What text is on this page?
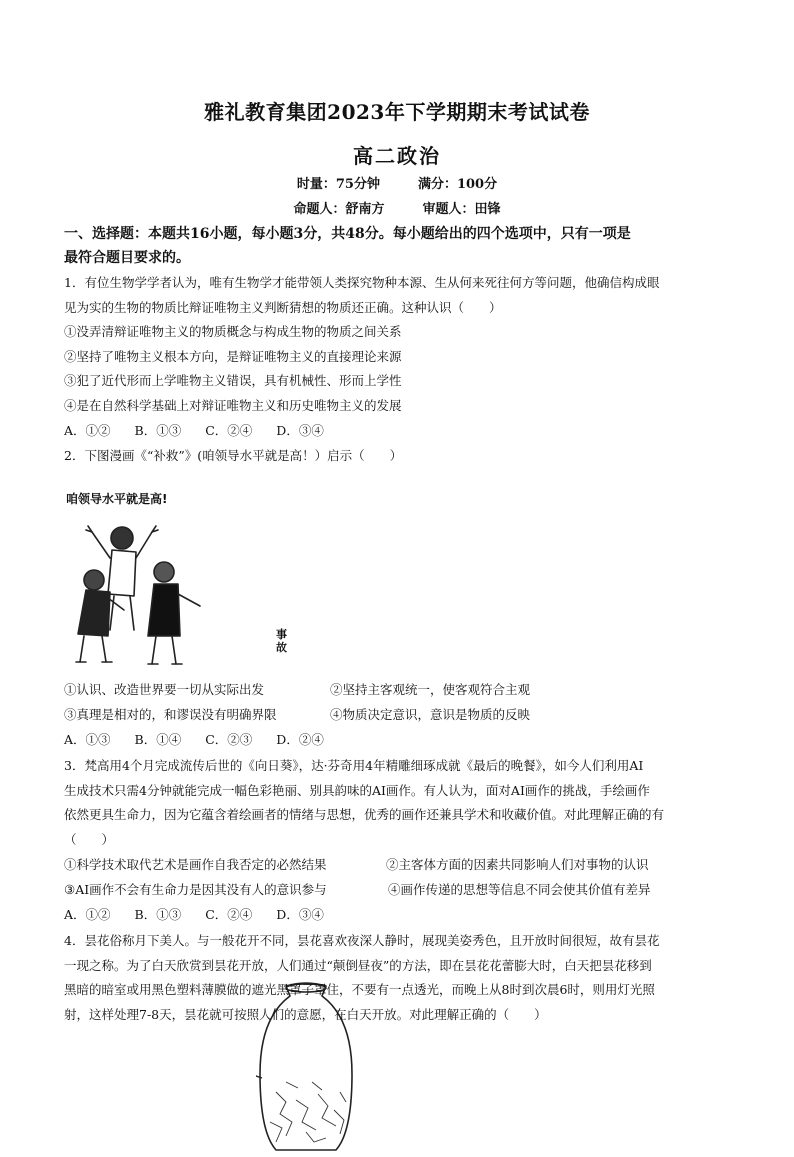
雅礼教育集团2023年下学期期末考试试卷
高二政治
时量：75分钟	满分：100分
命题人：舒南方	审题人：田锋
一、选择题：本题共16小题，每小题3分，共48分。每小题给出的四个选项中，只有一项是
最符合题目要求的。
1．有位生物学学者认为，唯有生物学才能带领人类探究物种本源、生从何来死往何方等问题，他确信构成眼
见为实的生物的物质比辩证唯物主义判断猜想的物质还正确。这种认识（　　）
①没弄清辩证唯物主义的物质概念与构成生物的物质之间关系
②坚持了唯物主义根本方向，是辩证唯物主义的直接理论来源
③犯了近代形而上学唯物主义错误，具有机械性、形而上学性
④是在自然科学基础上对辩证唯物主义和历史唯物主义的发展
A．①② B．①③ C．②④ D．③④
2．下图漫画《“补救”》(咱领导水平就是高！）启示（　　）
咱领导水平就是高!
事故
①认识、改造世界要一切从实际出发	②坚持主客观统一，使客观符合主观
③真理是相对的，和谬误没有明确界限	④物质决定意识，意识是物质的反映
A．①③ B．①④ C．②③ D．②④
3．梵高用4个月完成流传后世的《向日葵》，达·芬奇用4年精雕细琢成就《最后的晚餐》，如今人们利用AI
生成技术只需4分钟就能完成一幅色彩艳丽、别具韵味的AI画作。有人认为，面对AI画作的挑战，手绘画作
依然更具生命力，因为它蕴含着绘画者的情绪与思想，优秀的画作还兼具学术和收藏价值。对此理解正确的有
（　　）
①科学技术取代艺术是画作自我否定的必然结果	②主客体方面的因素共同影响人们对事物的认识
③AI画作不会有生命力是因其没有人的意识参与	④画作传递的思想等信息不同会使其价值有差异
A．①② B．①③ C．②④ D．③④
4．昙花俗称月下美人。与一般花开不同，昙花喜欢夜深人静时，展现美姿秀色，且开放时间很短，故有昙花
一现之称。为了白天欣赏到昙花开放，人们通过“颠倒昼夜”的方法，即在昙花花蕾膨大时，白天把昙花移到
黑暗的暗室或用黑色塑料薄膜做的遮光黑罩子罩住，不要有一点透光，而晚上从8时到次晨6时，则用灯光照
射，这样处理7-8天，昙花就可按照人们的意愿，在白天开放。对此理解正确的（　　）
